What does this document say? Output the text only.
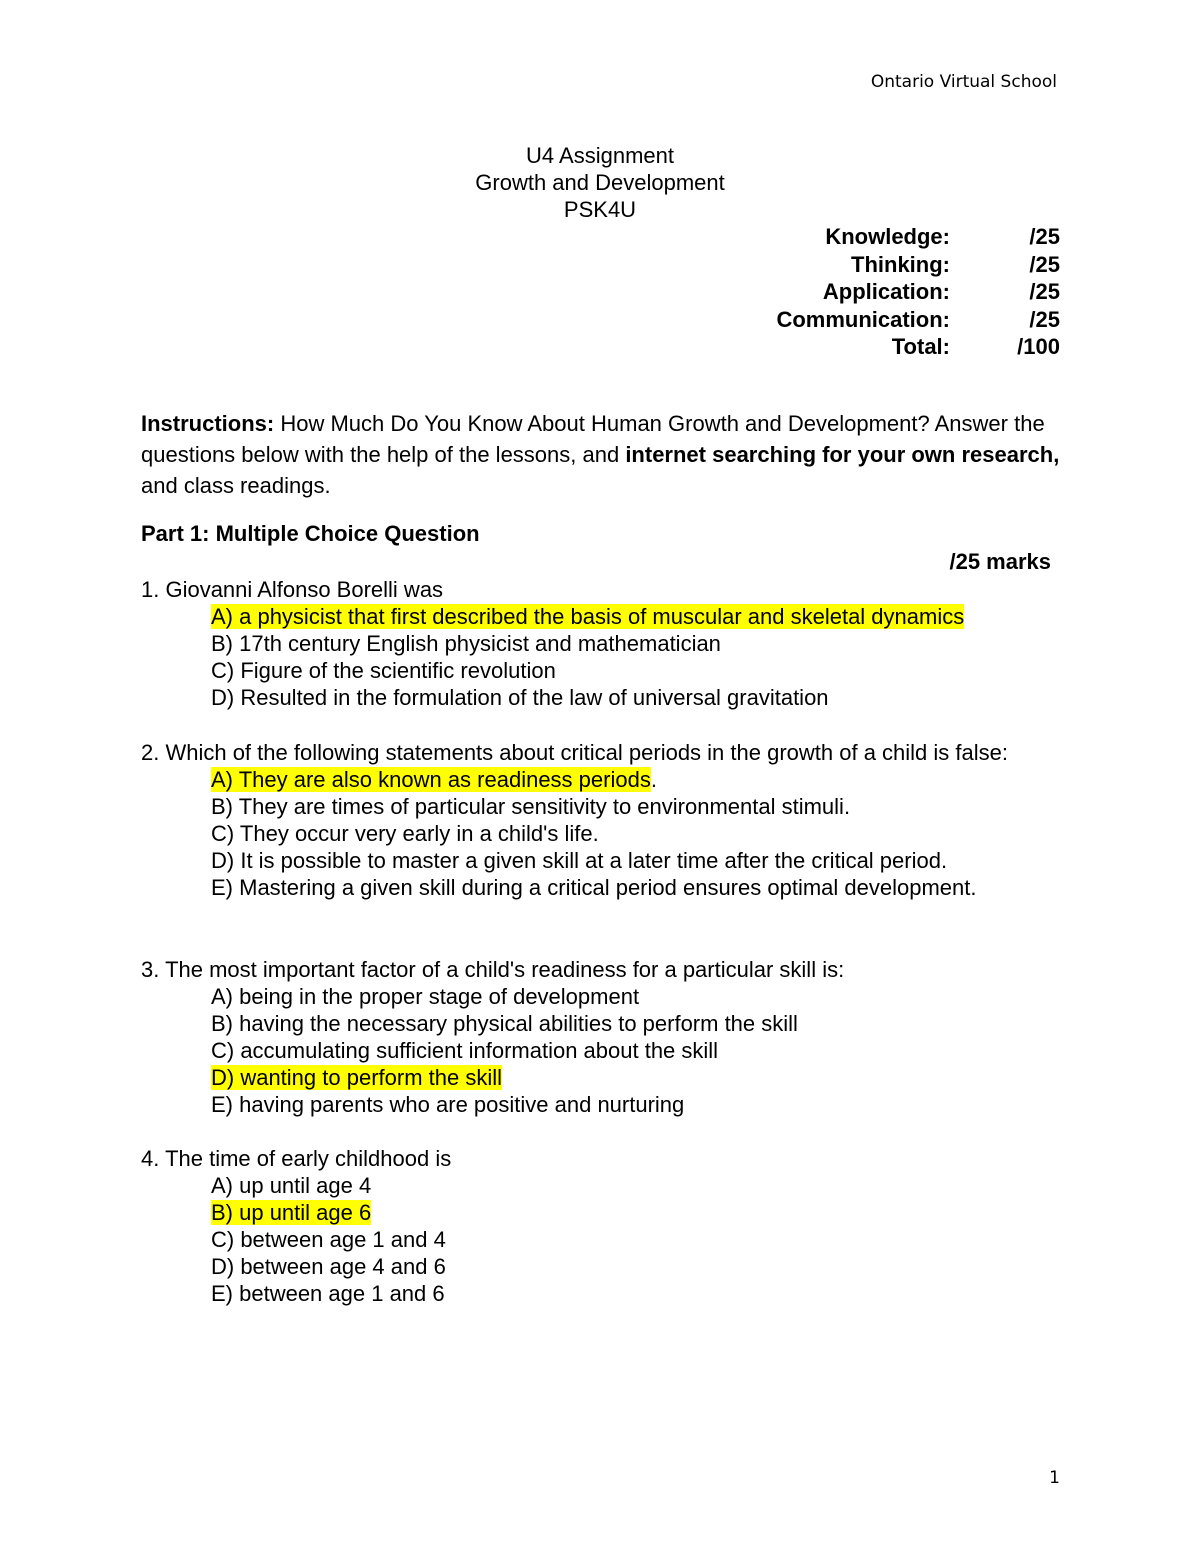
Ontario Virtual School
U4 Assignment
Growth and Development
PSK4U
Knowledge:	/25
Thinking:	/25
Application:	/25
Communication:	/25
Total:	/100
Instructions: How Much Do You Know About Human Growth and Development? Answer the questions below with the help of the lessons, and internet searching for your own research, and class readings.
Part 1: Multiple Choice Question
/25 marks

1. Giovanni Alfonso Borelli was

A) a physicist that first described the basis of muscular and skeletal dynamics
B) 17th century English physicist and mathematician
C) Figure of the scientific revolution
D) Resulted in the formulation of the law of universal gravitation

2. Which of the following statements about critical periods in the growth of a child is false:

A) They are also known as readiness periods.
B) They are times of particular sensitivity to environmental stimuli.
C) They occur very early in a child's life.
D) It is possible to master a given skill at a later time after the critical period.
E) Mastering a given skill during a critical period ensures optimal development.

3. The most important factor of a child's readiness for a particular skill is:

A) being in the proper stage of development
B) having the necessary physical abilities to perform the skill
C) accumulating sufficient information about the skill
D) wanting to perform the skill
E) having parents who are positive and nurturing

4. The time of early childhood is

A) up until age 4
B) up until age 6
C) between age 1 and 4
D) between age 4 and 6
E) between age 1 and 6
1
